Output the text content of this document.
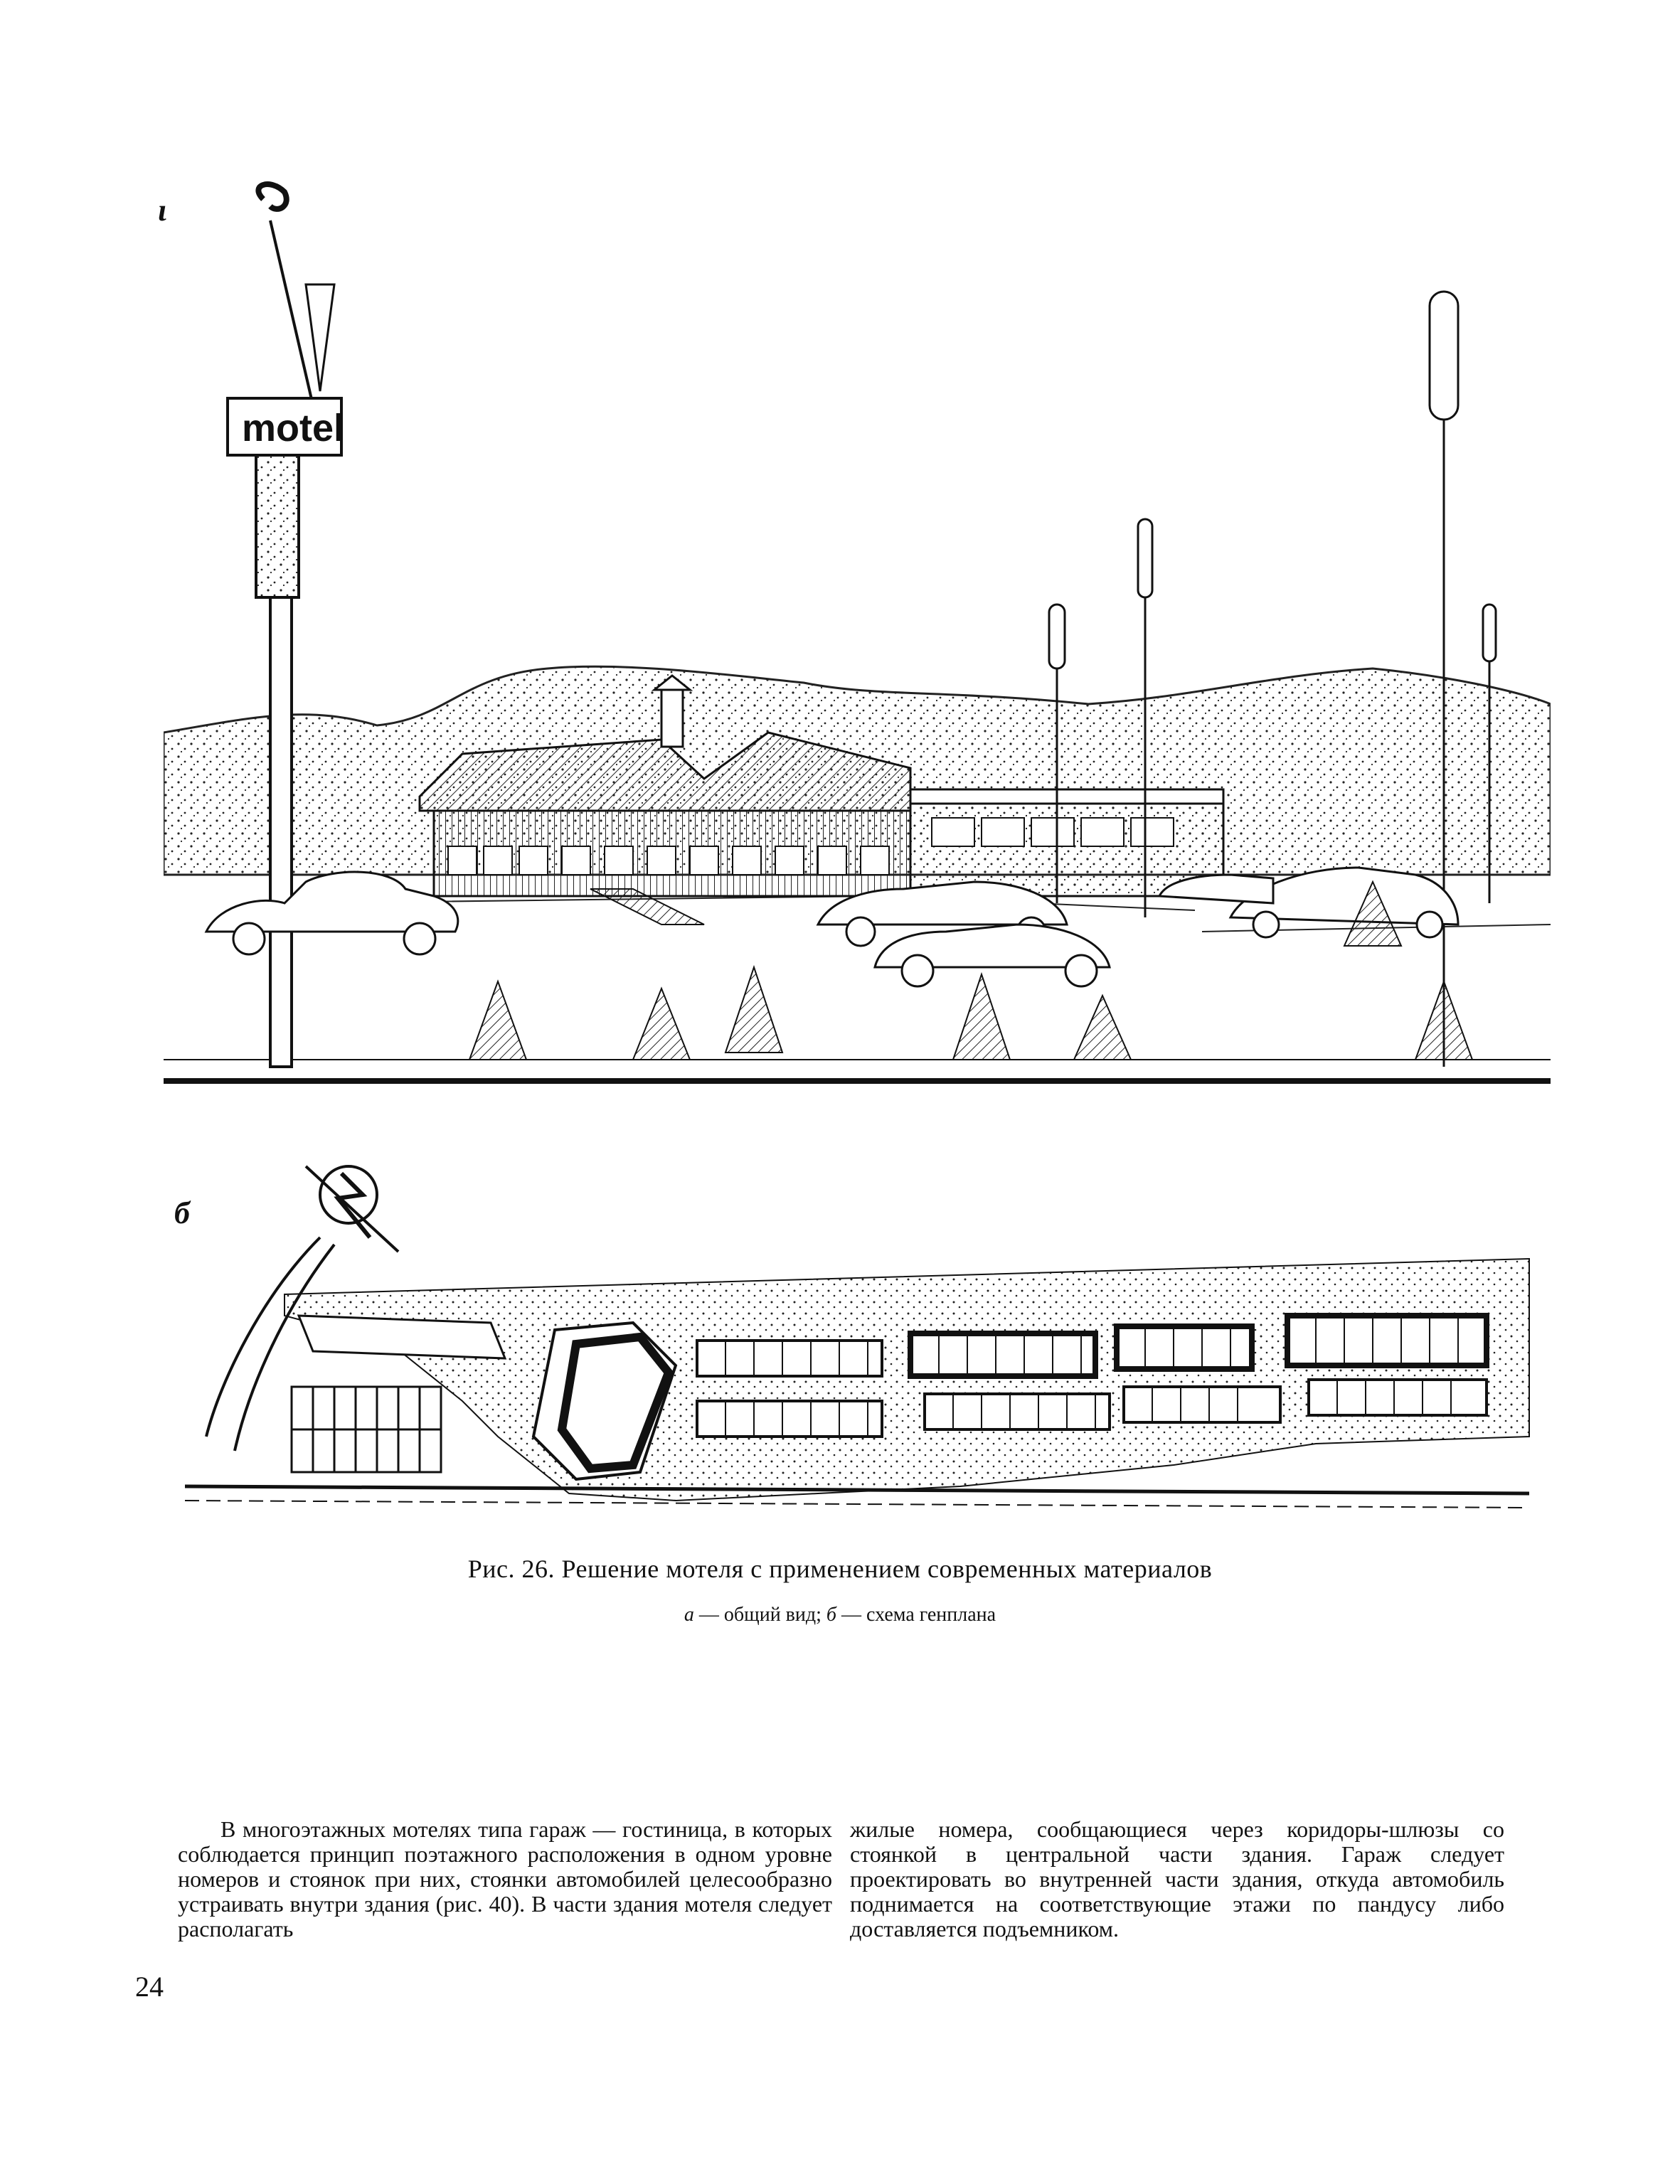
ɩ
motel
б
Рис. 26. Решение мотеля с применением современных материалов
а — общий вид; б — схема генплана
В многоэтажных мотелях типа гараж — гостиница, в которых соблюдается принцип поэтажного расположения в одном уровне номеров и стоянок при них, стоянки автомобилей целесообразно устраивать внутри здания (рис. 40). В части здания мотеля следует располагать
жилые номера, сообщающиеся через коридоры-шлюзы со стоянкой в центральной части здания. Гараж следует проектировать во внутренней части здания, откуда автомобиль поднимается на соответствующие этажи по пандусу либо доставляется подъемником.
24
